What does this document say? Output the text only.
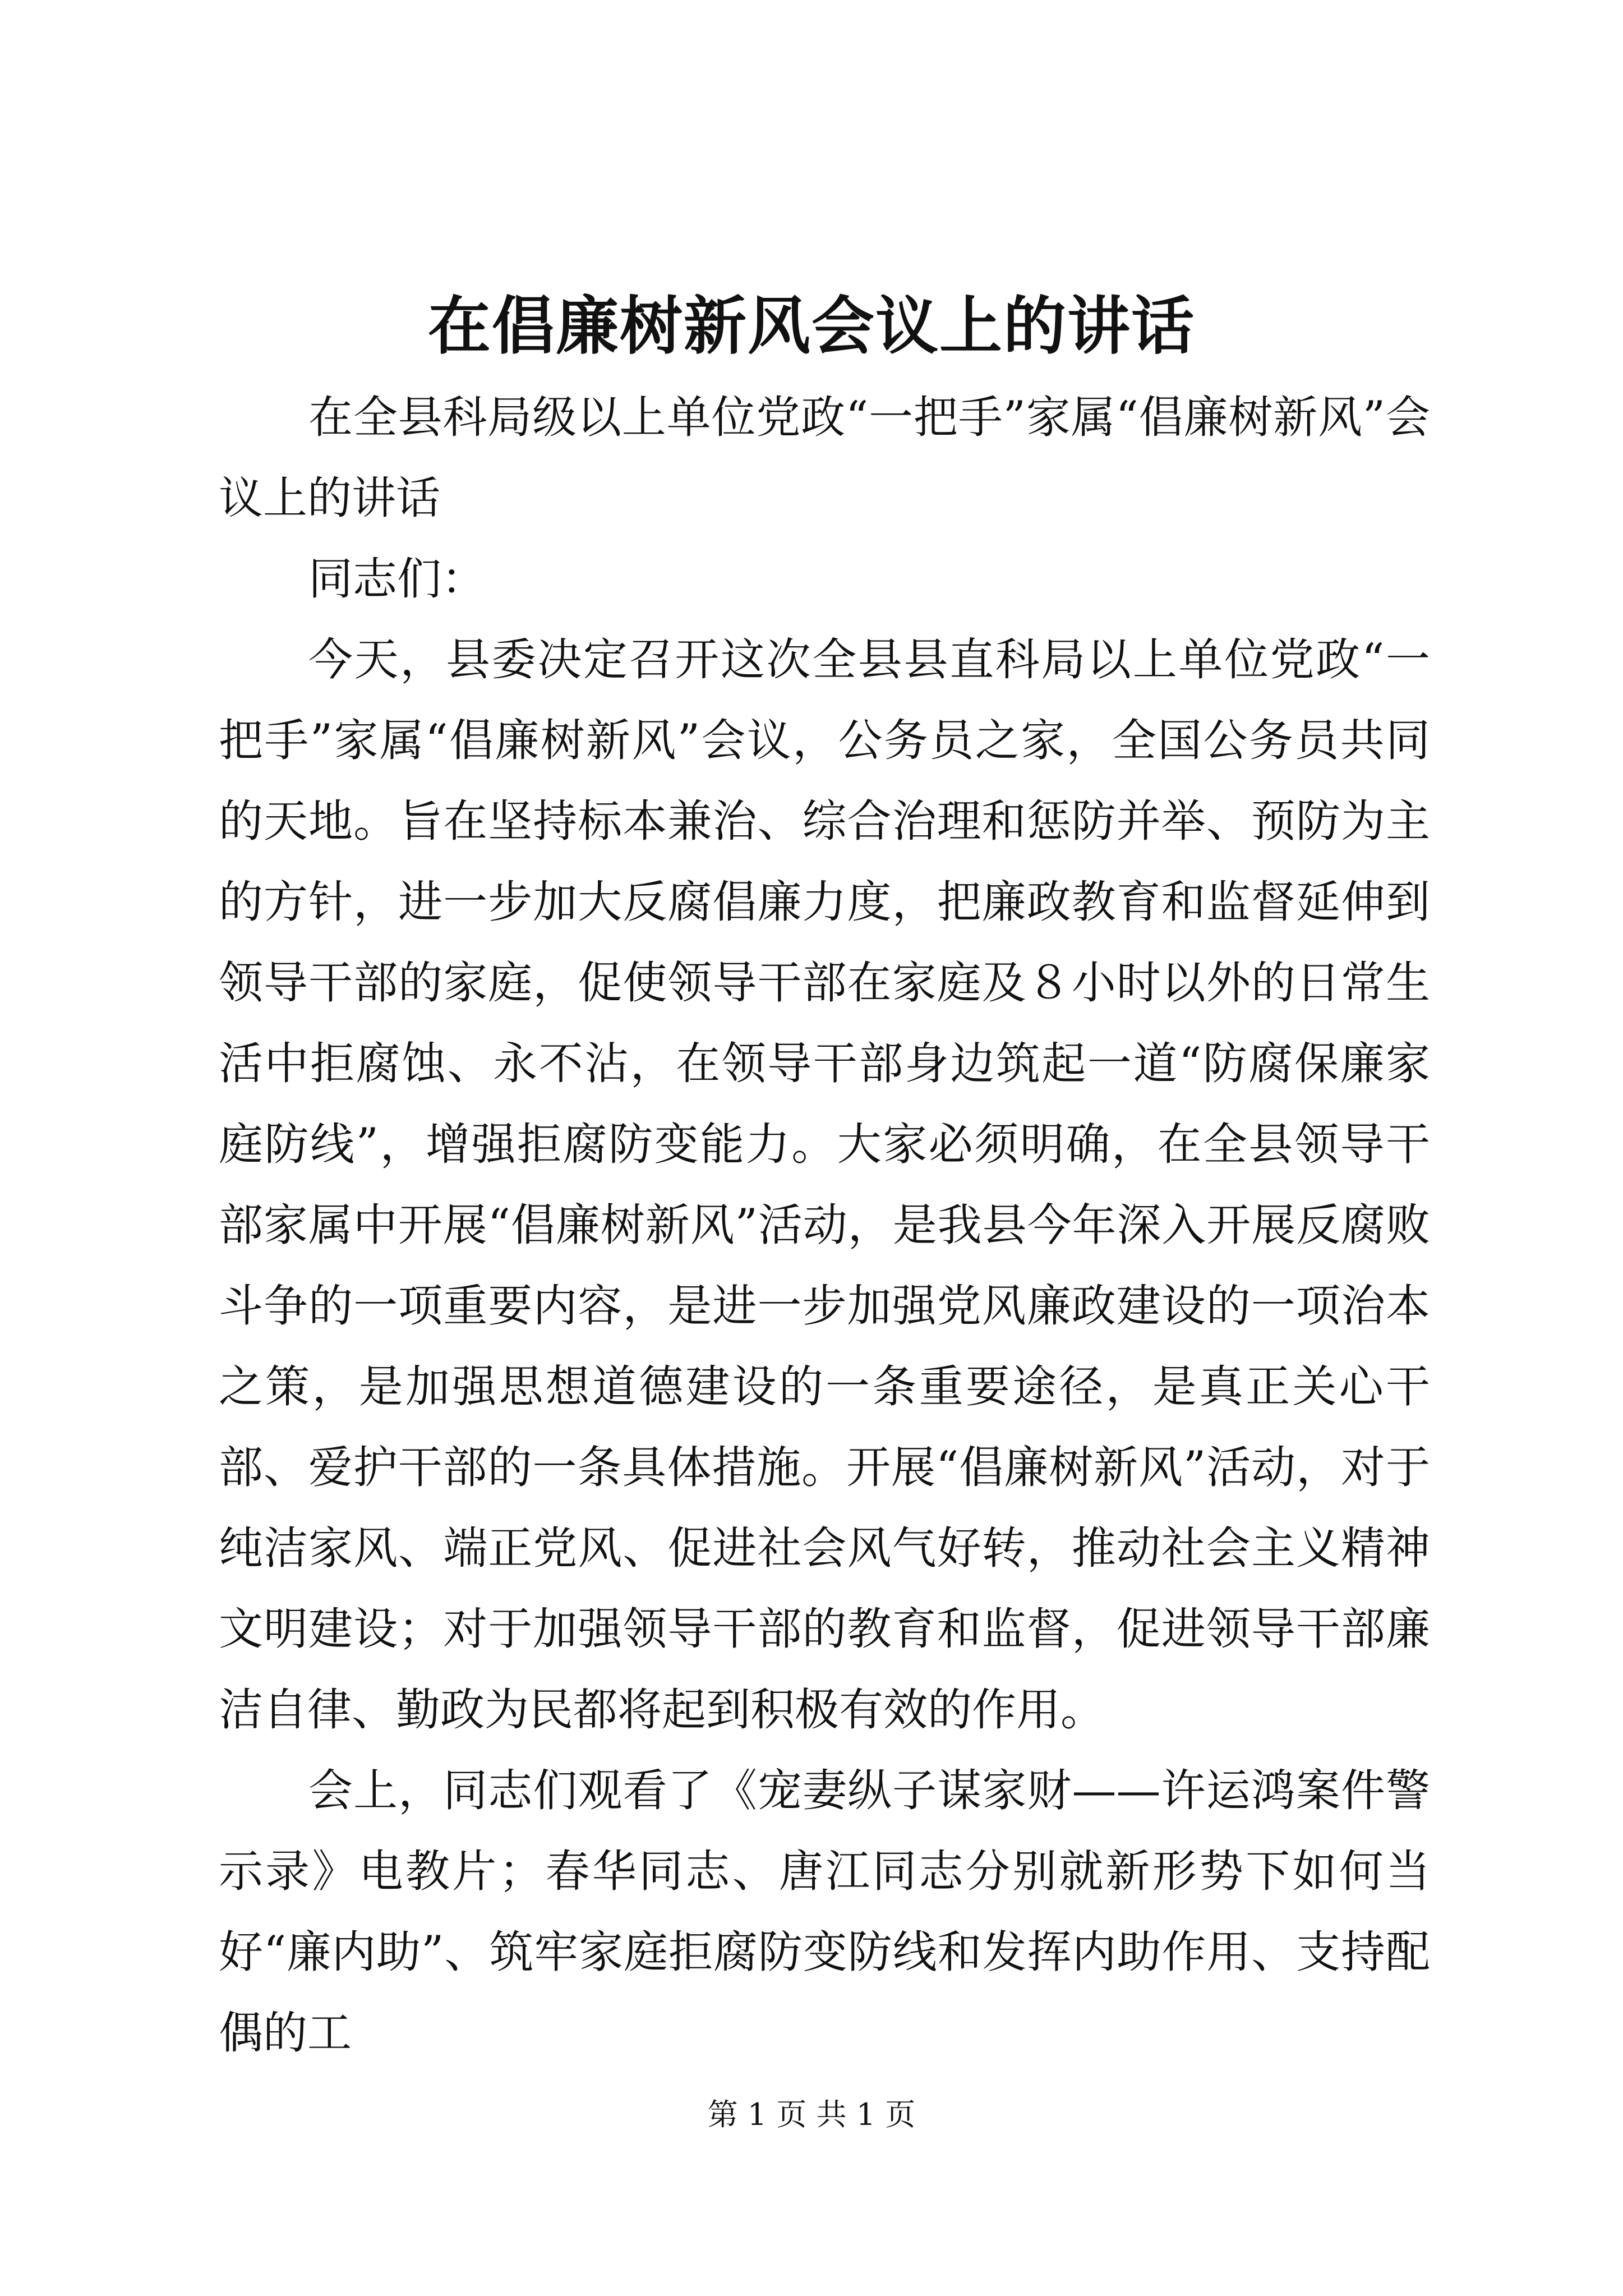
在倡廉树新风会议上的讲话

在全县科局级以上单位党政“一把手”家属“倡廉树新风”会议上的讲话

同志们：

今天，县委决定召开这次全县县直科局以上单位党政“一把手”家属“倡廉树新风”会议，公务员之家，全国公务员共同的天地。旨在坚持标本兼治、综合治理和惩防并举、预防为主的方针，进一步加大反腐倡廉力度，把廉政教育和监督延伸到领导干部的家庭，促使领导干部在家庭及８小时以外的日常生活中拒腐蚀、永不沾，在领导干部身边筑起一道“防腐保廉家庭防线”，增强拒腐防变能力。大家必须明确，在全县领导干部家属中开展“倡廉树新风”活动，是我县今年深入开展反腐败斗争的一项重要内容，是进一步加强党风廉政建设的一项治本之策，是加强思想道德建设的一条重要途径，是真正关心干部、爱护干部的一条具体措施。开展“倡廉树新风”活动，对于纯洁家风、端正党风、促进社会风气好转，推动社会主义精神文明建设；对于加强领导干部的教育和监督，促进领导干部廉洁自律、勤政为民都将起到积极有效的作用。

会上，同志们观看了《宠妻纵子谋家财——许运鸿案件警示录》电教片；春华同志、唐江同志分别就新形势下如何当好“廉内助”、筑牢家庭拒腐防变防线和发挥内助作用、支持配偶的工

第 1 页 共 1 页
